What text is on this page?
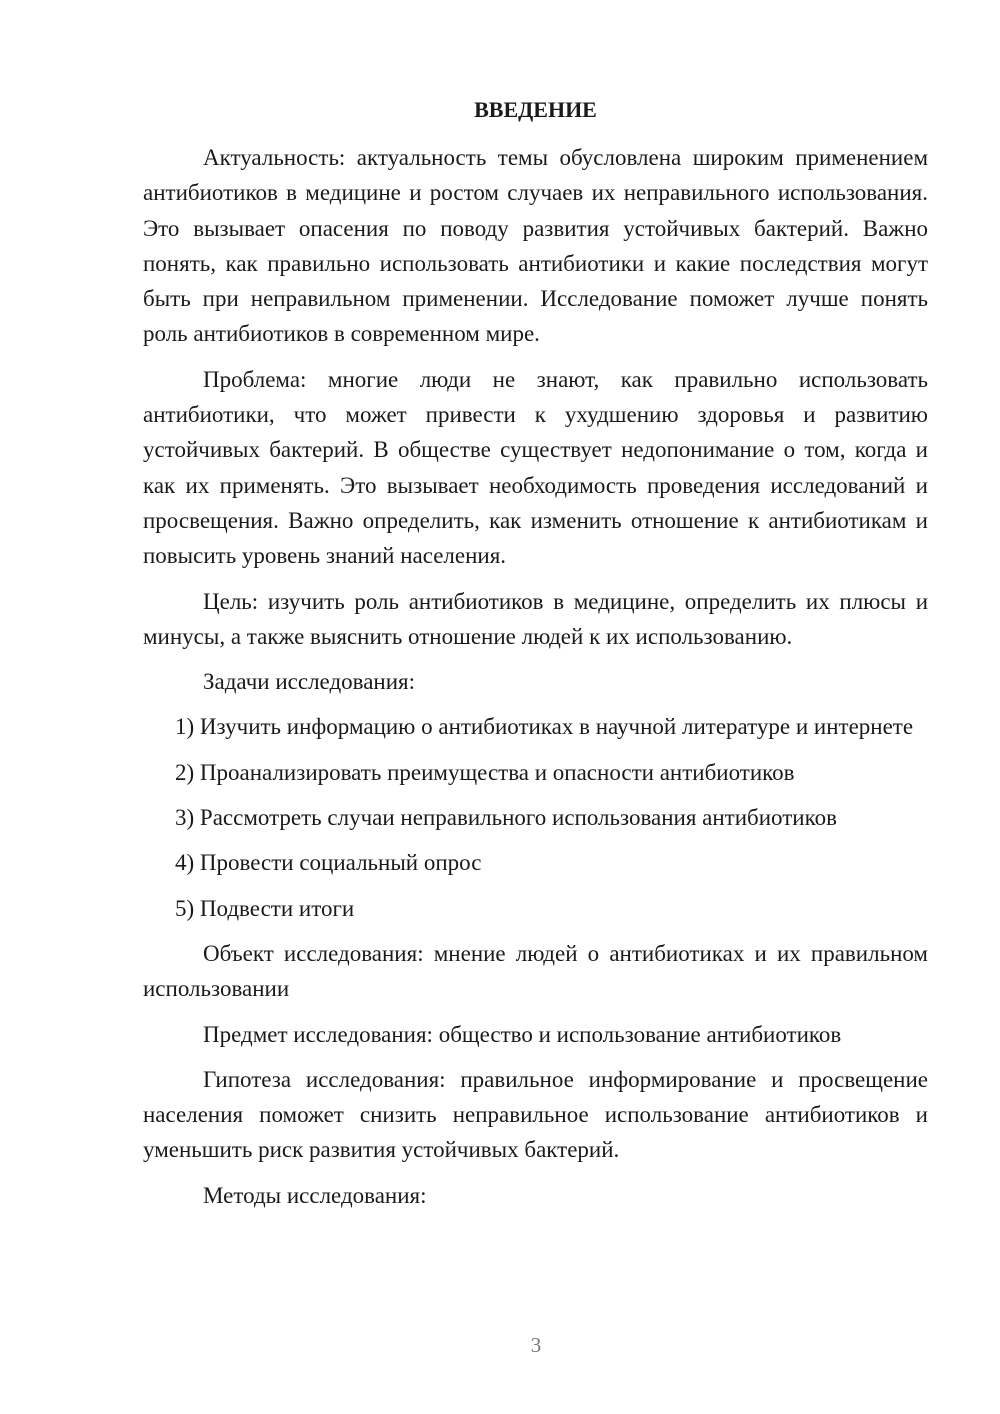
ВВЕДЕНИЕ

Актуальность: актуальность темы обусловлена широким применением антибиотиков в медицине и ростом случаев их неправильного использования. Это вызывает опасения по поводу развития устойчивых бактерий. Важно понять, как правильно использовать антибиотики и какие последствия могут быть при неправильном применении. Исследование поможет лучше понять роль антибиотиков в современном мире.

Проблема: многие люди не знают, как правильно использовать антибиотики, что может привести к ухудшению здоровья и развитию устойчивых бактерий. В обществе существует недопонимание о том, когда и как их применять. Это вызывает необходимость проведения исследований и просвещения. Важно определить, как изменить отношение к антибиотикам и повысить уровень знаний населения.

Цель: изучить роль антибиотиков в медицине, определить их плюсы и минусы, а также выяснить отношение людей к их использованию.

Задачи исследования:

1) Изучить информацию о антибиотиках в научной литературе и интернете

2) Проанализировать преимущества и опасности антибиотиков

3) Рассмотреть случаи неправильного использования антибиотиков

4) Провести социальный опрос

5) Подвести итоги

Объект исследования: мнение людей о антибиотиках и их правильном использовании

Предмет исследования: общество и использование антибиотиков

Гипотеза исследования: правильное информирование и просвещение населения поможет снизить неправильное использование антибиотиков и уменьшить риск развития устойчивых бактерий.

Методы исследования:

3
